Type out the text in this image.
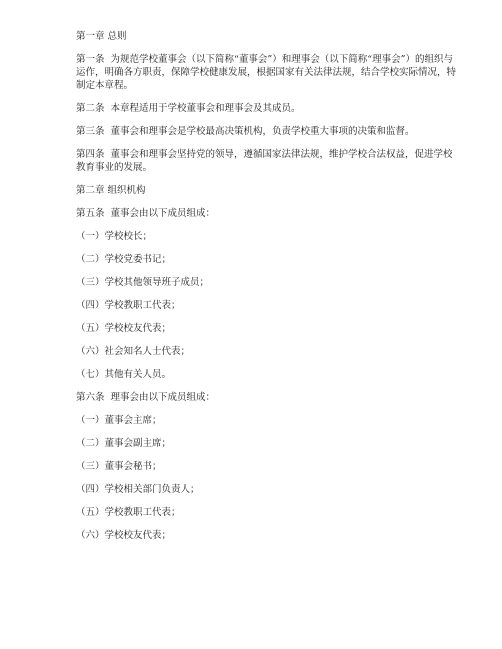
第一章 总则

第一条  为规范学校董事会（以下简称“董事会”）和理事会（以下简称“理事会”）的组织与运作，明确各方职责，保障学校健康发展，根据国家有关法律法规，结合学校实际情况，特制定本章程。

第二条  本章程适用于学校董事会和理事会及其成员。

第三条  董事会和理事会是学校最高决策机构，负责学校重大事项的决策和监督。

第四条  董事会和理事会坚持党的领导，遵循国家法律法规，维护学校合法权益，促进学校教育事业的发展。

第二章 组织机构

第五条  董事会由以下成员组成：

（一）学校校长；

（二）学校党委书记；

（三）学校其他领导班子成员；

（四）学校教职工代表；

（五）学校校友代表；

（六）社会知名人士代表；

（七）其他有关人员。

第六条  理事会由以下成员组成：

（一）董事会主席；

（二）董事会副主席；

（三）董事会秘书；

（四）学校相关部门负责人；

（五）学校教职工代表；

（六）学校校友代表；
